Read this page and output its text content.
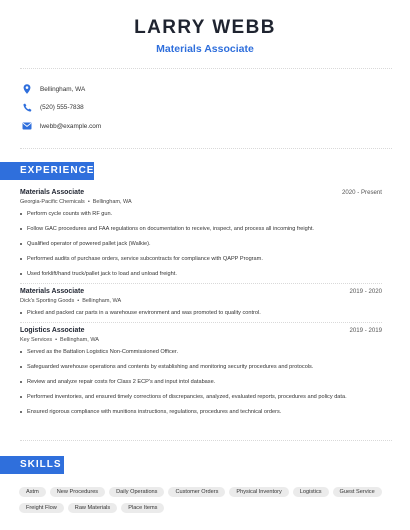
LARRY WEBB
Materials Associate
Bellingham, WA
(520) 555-7838
lwebb@example.com
EXPERIENCE
Materials Associate	2020 - Present
Georgia-Pacific Chemicals • Bellingham, WA
Perform cycle counts with RF gun.
Follow GAC procedures and FAA regulations on documentation to receive, inspect, and process all incoming freight.
Qualified operator of powered pallet jack (Walkie).
Performed audits of purchase orders, service subcontracts for compliance with QAPP Program.
Used forklift/hand truck/pallet jack to load and unload freight.
Materials Associate	2019 - 2020
Dick's Sporting Goods • Bellingham, WA
Picked and packed car parts in a warehouse environment and was promoted to quality control.
Logistics Associate	2019 - 2019
Key Services • Bellingham, WA
Served as the Battalion Logistics Non-Commissioned Officer.
Safeguarded warehouse operations and contents by establishing and monitoring security procedures and protocols.
Review and analyze repair costs for Class 2 ECP's and input intol database.
Performed inventories, and ensured timely corrections of discrepancies, analyzed, evaluated reports, procedures and policy data.
Ensured rigorous compliance with munitions instructions, regulations, procedures and technical orders.
SKILLS
Astm	New Procedures	Daily Operations	Customer Orders	Physical Inventory	Logistics	Guest Service
Freight Flow	Raw Materials	Place Items
